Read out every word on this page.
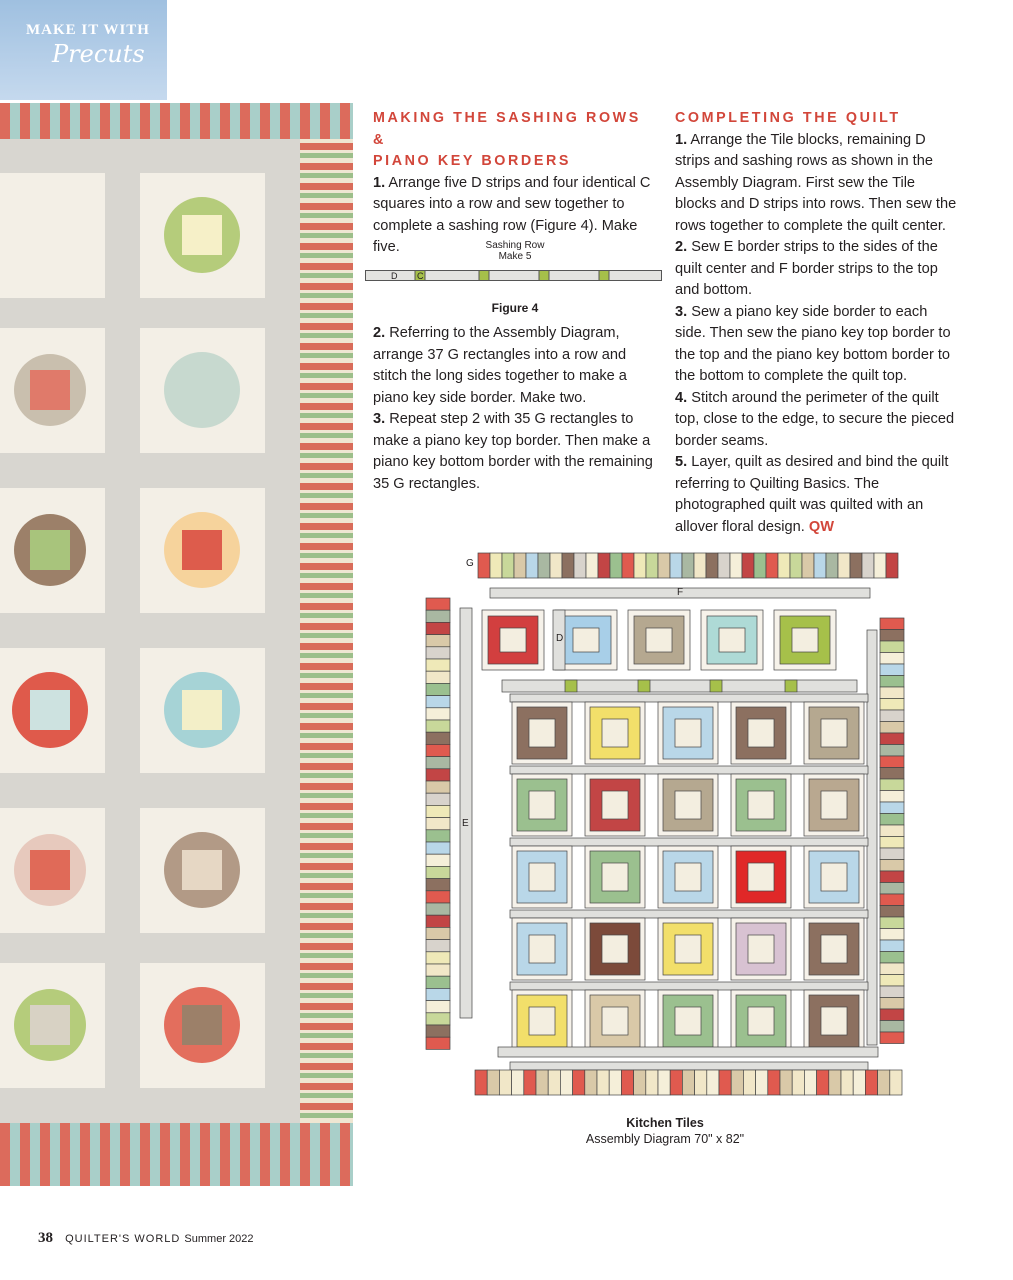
MAKE IT WITH
Precuts

MAKING THE SASHING ROWS &

PIANO KEY BORDERS

1. Arrange five D strips and four identical C squares into a row and sew together to complete a sashing row (Figure 4). Make five.	Sashing Row
Make 5
D C
Figure 4

2. Referring to the Assembly Diagram, arrange 37 G rectangles into a row and stitch the long sides together to make a piano key side border. Make two.

3. Repeat step 2 with 35 G rectangles to make a piano key top border. Then make a piano key bottom border with the remaining 35 G rectangles.

COMPLETING THE QUILT

1. Arrange the Tile blocks, remaining D strips and sashing rows as shown in the Assembly Diagram. First sew the Tile blocks and D strips into rows. Then sew the rows together to complete the quilt center.

2. Sew E border strips to the sides of the quilt center and F border strips to the top and bottom.

3. Sew a piano key side border to each side. Then sew the piano key top border to the top and the piano key bottom border to the bottom to complete the quilt top.

4. Stitch around the perimeter of the quilt top, close to the edge, to secure the pieced border seams.

5. Layer, quilt as desired and bind the quilt referring to Quilting Basics. The photographed quilt was quilted with an allover floral design. QW

G
F
D
E
Kitchen Tiles
Assembly Diagram 70" x 82"
38 QUILTER'S WORLD Summer 2022
